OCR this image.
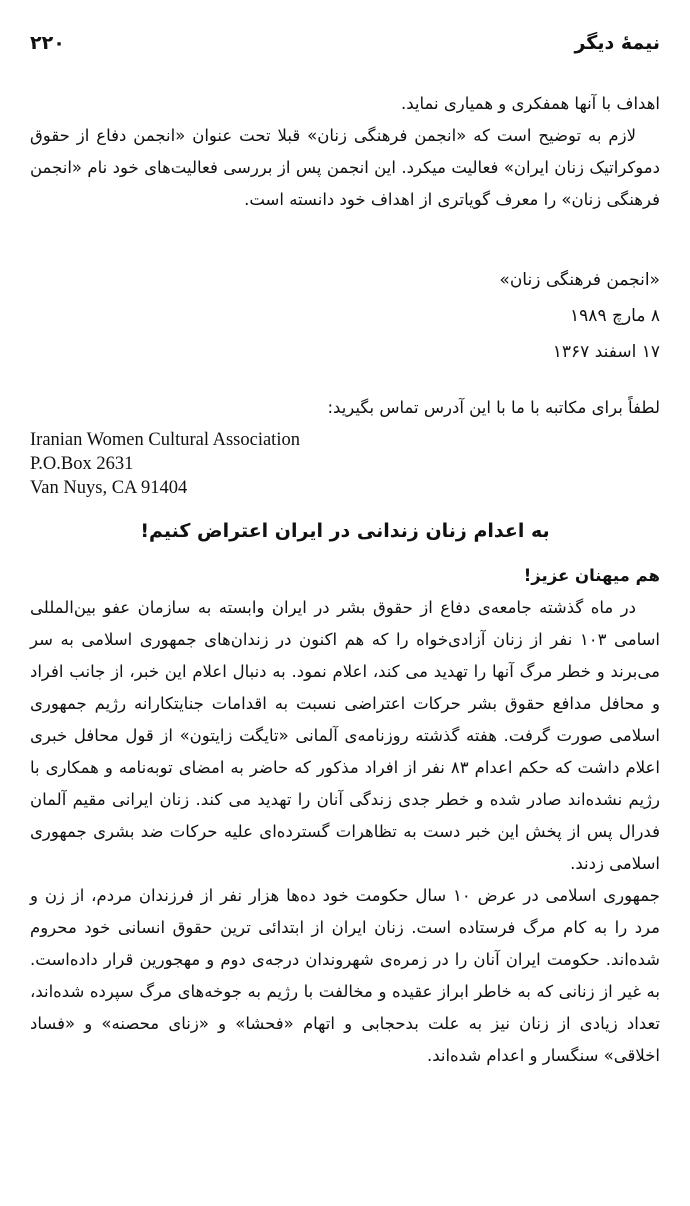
نیمهٔ دیگر
۲۲۰

اهداف با آنها همفکری و همیاری نماید.

لازم به توضیح است که «انجمن فرهنگی زنان» قبلا تحت عنوان «انجمن دفاع از حقوق دموکراتیک زنان ایران» فعالیت میکرد. این انجمن پس از بررسی فعالیت‌های خود نام «انجمن فرهنگی زنان» را معرف گویاتری از اهداف خود دانسته است.

«انجمن فرهنگی زنان»
۸ مارچ ۱۹۸۹
۱۷ اسفند ۱۳۶۷

لطفاً برای مکاتبه با ما با این آدرس تماس بگیرید:

Iranian Women Cultural Association
P.O.Box 2631
Van Nuys, CA 91404
به اعدام زنان زندانی در ایران اعتراض کنیم!

هم میهنان عزیز!

در ماه گذشته جامعه‌ی دفاع از حقوق بشر در ایران وابسته به سازمان عفو بین‌المللی اسامی ۱۰۳ نفر از زنان آزادی‌خواه را که هم اکنون در زندان‌های جمهوری اسلامی به سر می‌برند و خطر مرگ آنها را تهدید می کند، اعلام نمود. به دنبال اعلام این خبر، از جانب افراد و محافل مدافع حقوق بشر حرکات اعتراضی نسبت به اقدامات جنایتکارانه رژیم جمهوری اسلامی صورت گرفت. هفته گذشته روزنامه‌ی آلمانی «تایگت زایتون» از قول محافل خبری اعلام داشت که حکم اعدام ۸۳ نفر از افراد مذکور که حاضر به امضای توبه‌نامه و همکاری با رژیم نشده‌اند صادر شده و خطر جدی زندگی آنان را تهدید می کند. زنان ایرانی مقیم آلمان فدرال پس از پخش این خبر دست به تظاهرات گسترده‌ای علیه حرکات ضد بشری جمهوری اسلامی زدند.

جمهوری اسلامی در عرض ۱۰ سال حکومت خود ده‌ها هزار نفر از فرزندان مردم، از زن و مرد را به کام مرگ فرستاده است. زنان ایران از ابتدائی ترین حقوق انسانی خود محروم شده‌اند. حکومت ایران آنان را در زمره‌ی شهروندان درجه‌ی دوم و مهجورین قرار داده‌است. به غیر از زنانی که به خاطر ابراز عقیده و مخالفت با رژیم به جوخه‌های مرگ سپرده شده‌اند، تعداد زیادی از زنان نیز به علت بدحجابی و اتهام «فحشا» و «زنای محصنه» و «فساد اخلاقی» سنگسار و اعدام شده‌اند.
